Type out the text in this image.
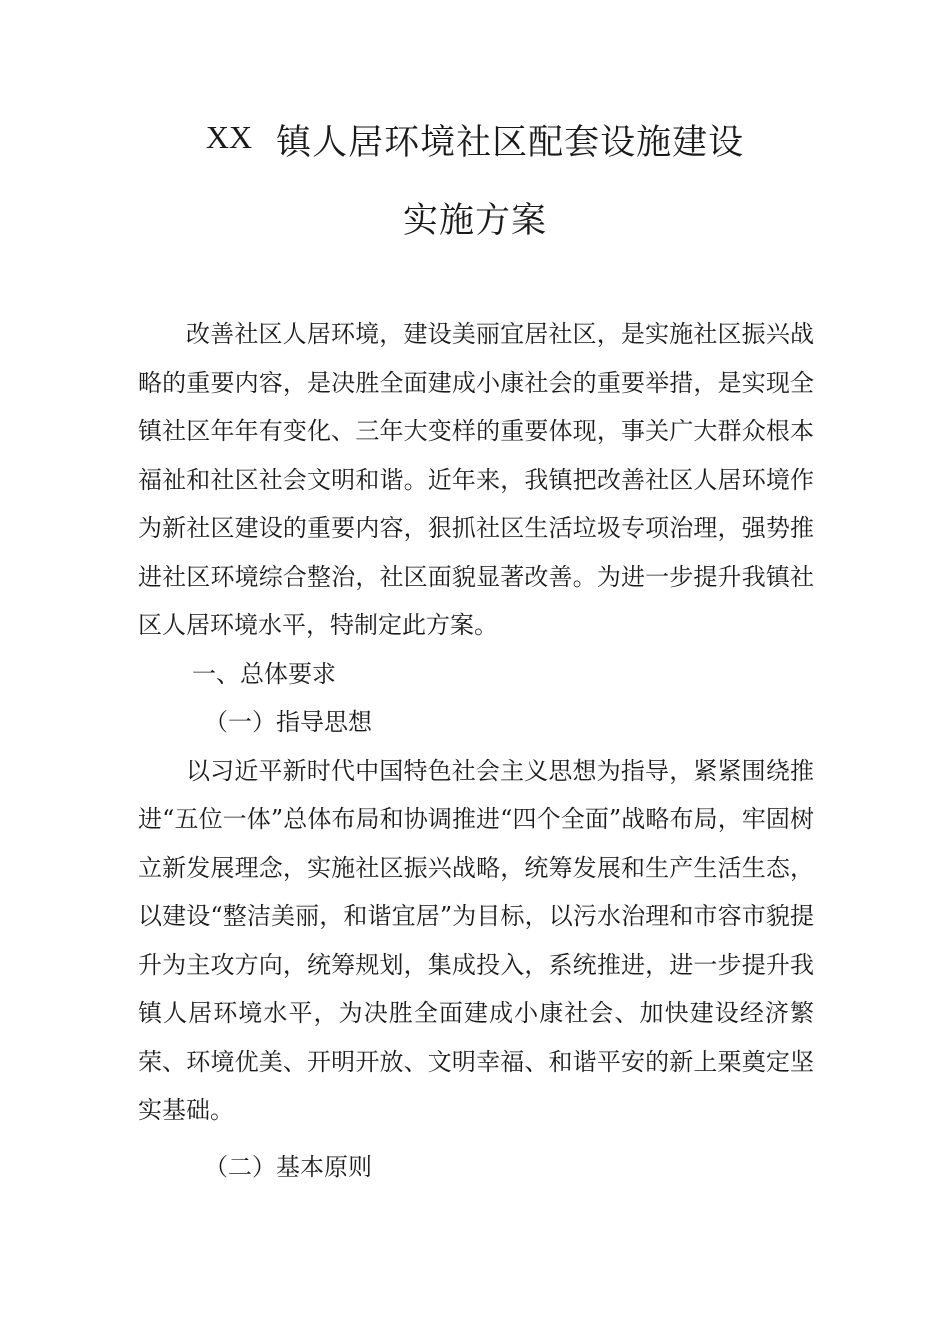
XX 镇人居环境社区配套设施建设
实施方案

改善社区人居环境，建设美丽宜居社区，是实施社区振兴战略的重要内容，是决胜全面建成小康社会的重要举措，是实现全镇社区年年有变化、三年大变样的重要体现，事关广大群众根本福祉和社区社会文明和谐。近年来，我镇把改善社区人居环境作为新社区建设的重要内容，狠抓社区生活垃圾专项治理，强势推进社区环境综合整治，社区面貌显著改善。为进一步提升我镇社区人居环境水平，特制定此方案。

一、总体要求
（一）指导思想

以习近平新时代中国特色社会主义思想为指导，紧紧围绕推进“五位一体”总体布局和协调推进“四个全面”战略布局，牢固树立新发展理念，实施社区振兴战略，统筹发展和生产生活生态，以建设“整洁美丽，和谐宜居”为目标，以污水治理和市容市貌提升为主攻方向，统筹规划，集成投入，系统推进，进一步提升我镇人居环境水平，为决胜全面建成小康社会、加快建设经济繁荣、环境优美、开明开放、文明幸福、和谐平安的新上栗奠定坚实基础。

（二）基本原则
